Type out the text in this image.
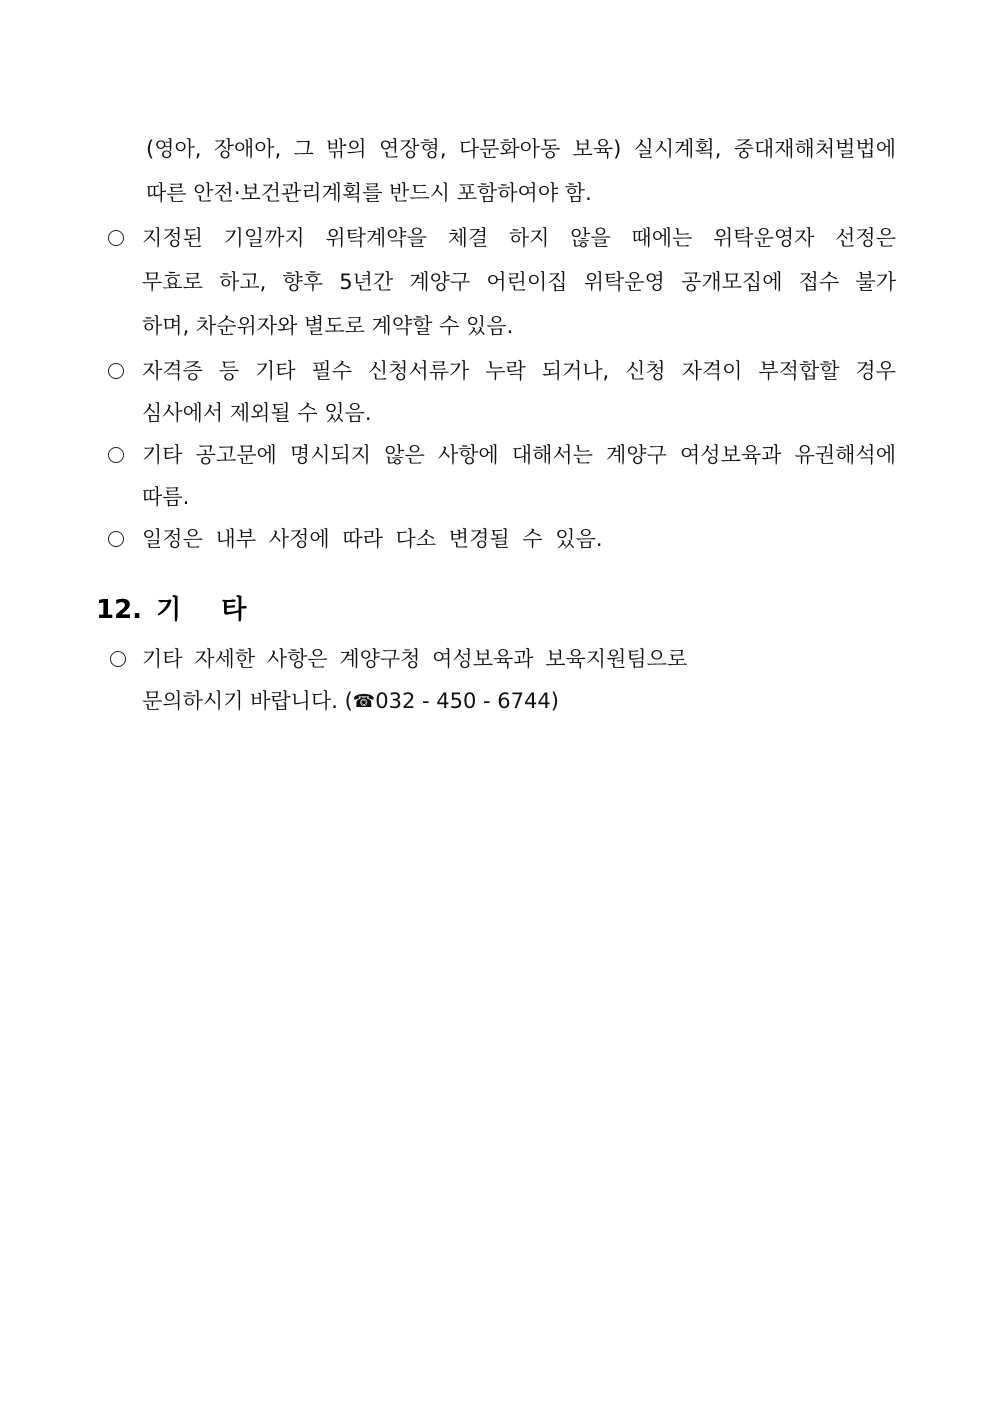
(영아, 장애아, 그 밖의 연장형, 다문화아동 보육) 실시계획, 중대재해처벌법에
따른 안전·보건관리계획를 반드시 포함하여야 함.
지정된 기일까지 위탁계약을 체결 하지 않을 때에는 위탁운영자 선정은
무효로 하고, 향후 5년간 계양구 어린이집 위탁운영 공개모집에 접수 불가
하며, 차순위자와 별도로 계약할 수 있음.
자격증 등 기타 필수 신청서류가 누락 되거나, 신청 자격이 부적합할 경우
심사에서 제외될 수 있음.
기타 공고문에 명시되지 않은 사항에 대해서는 계양구 여성보육과 유권해석에
따름.
일정은 내부 사정에 따라 다소 변경될 수 있음.
12. 기 타
기타 자세한 사항은 계양구청 여성보육과 보육지원팀으로
문의하시기 바랍니다. (☎032 - 450 - 6744)
